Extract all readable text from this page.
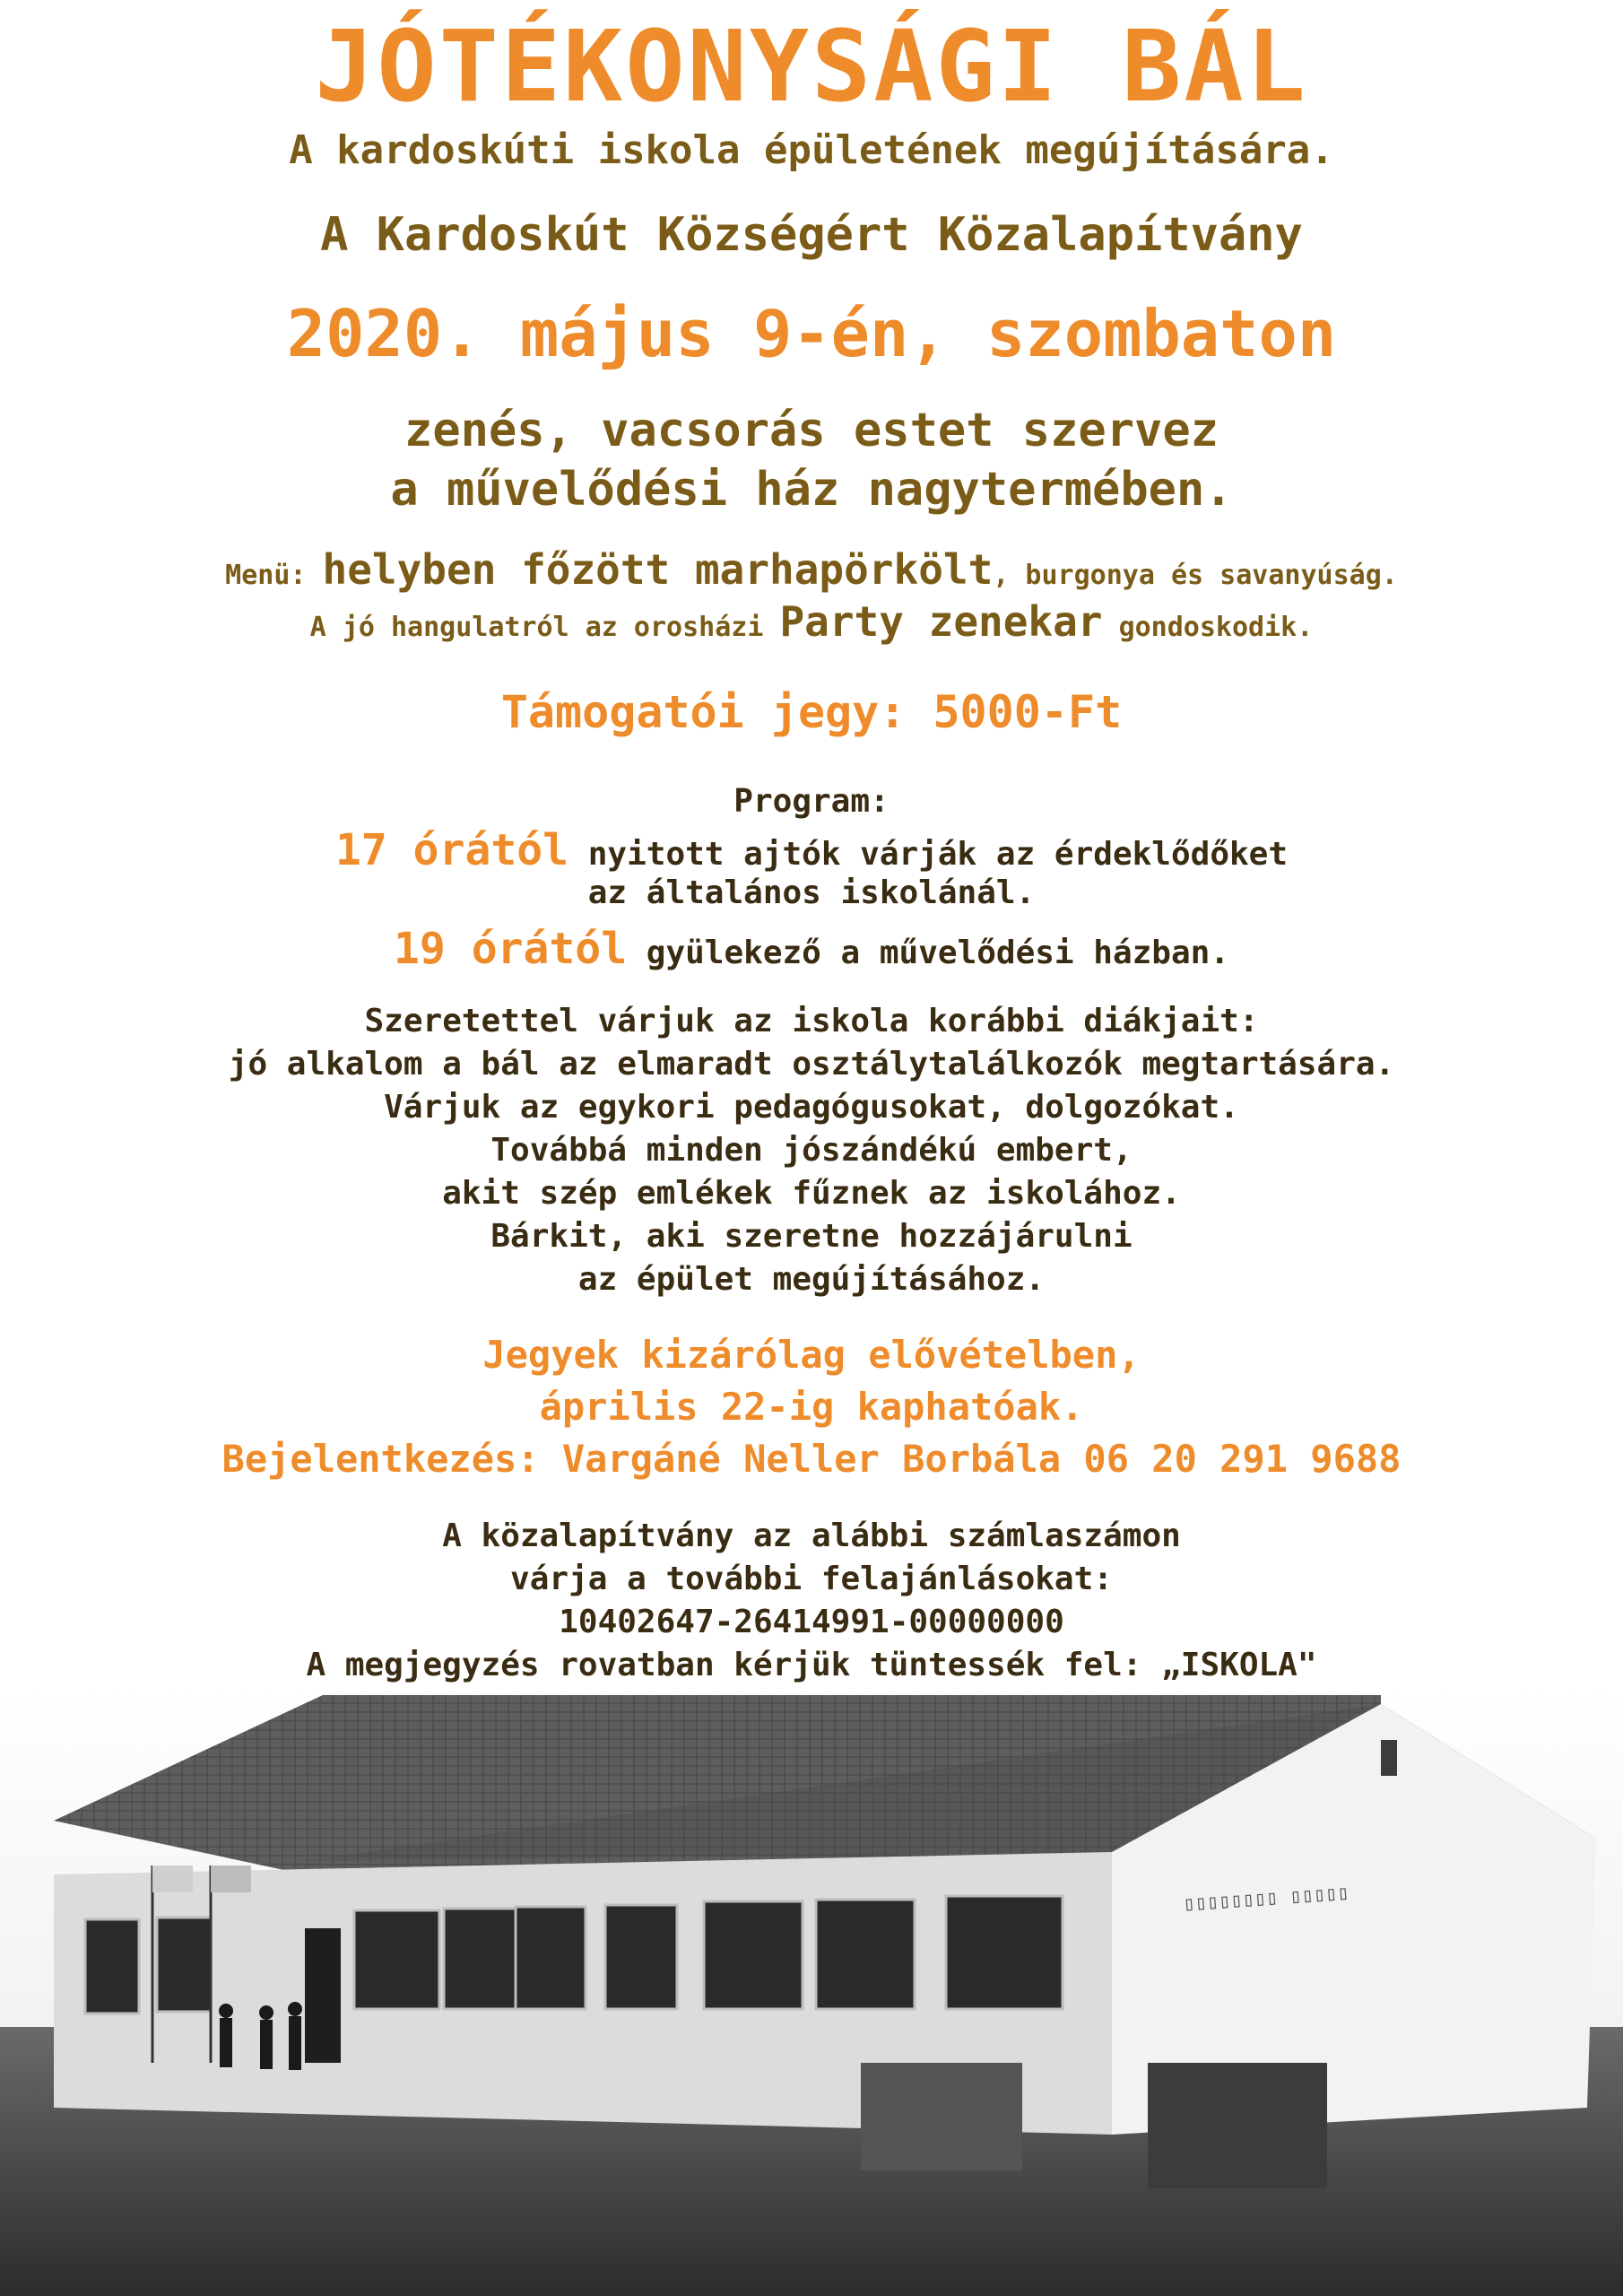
JÓTÉKONYSÁGI BÁL
A kardoskúti iskola épületének megújítására.
A Kardoskút Községért Közalapítvány
2020. május 9-én, szombaton
zenés, vacsorás estet szervez
a művelődési ház nagytermében.
Menü: helyben főzött marhapörkölt, burgonya és savanyúság.
A jó hangulatról az orosházi Party zenekar gondoskodik.
Támogatói jegy: 5000-Ft
Program:
17 órától nyitott ajtók várják az érdeklődőket
az általános iskolánál.
19 órától gyülekező a művelődési házban.
Szeretettel várjuk az iskola korábbi diákjait:
jó alkalom a bál az elmaradt osztálytalálkozók megtartására.
Várjuk az egykori pedagógusokat, dolgozókat.
Továbbá minden jószándékú embert,
akit szép emlékek fűznek az iskolához.
Bárkit, aki szeretne hozzájárulni
az épület megújításához.
Jegyek kizárólag elővételben,
április 22-ig kaphatóak.
Bejelentkezés: Vargáné Neller Borbála 06 20 291 9688
A közalapítvány az alábbi számlaszámon
várja a további felajánlásokat:
10402647-26414991-00000000
A megjegyzés rovatban kérjük tüntessék fel: „ISKOLA"
▯▯▯▯▯▯▯▯ ▯▯▯▯▯
